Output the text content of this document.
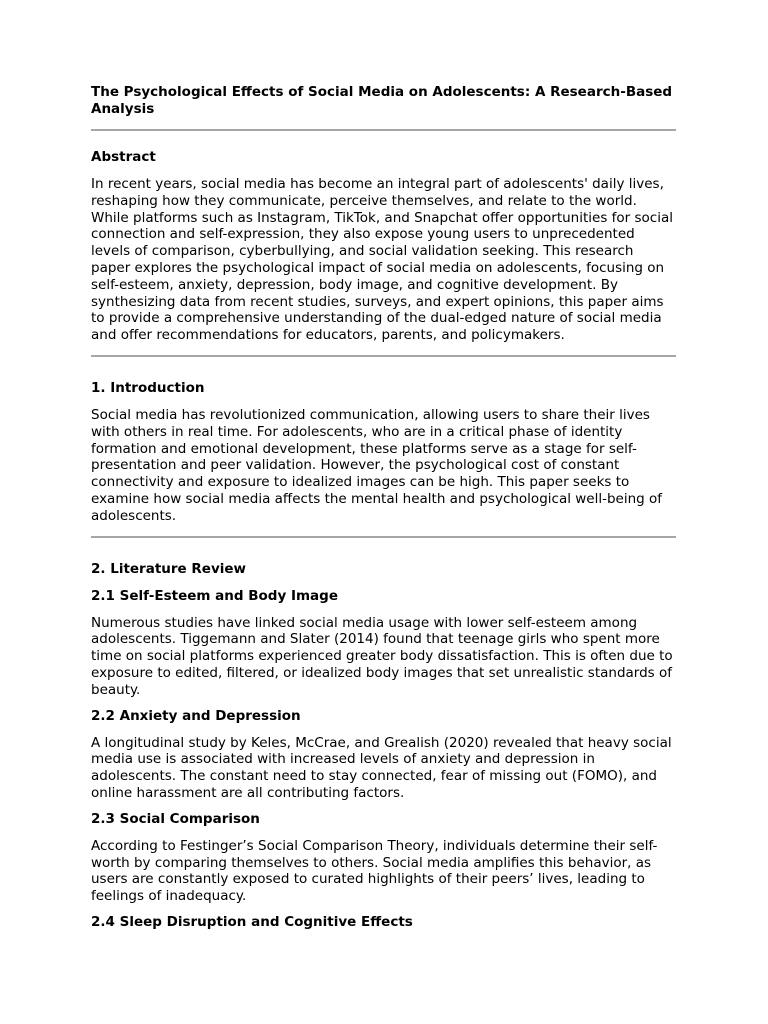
The Psychological Effects of Social Media on Adolescents: A Research-Based Analysis
Abstract

In recent years, social media has become an integral part of adolescents' daily lives, reshaping how they communicate, perceive themselves, and relate to the world. While platforms such as Instagram, TikTok, and Snapchat offer opportunities for social connection and self-expression, they also expose young users to unprecedented levels of comparison, cyberbullying, and social validation seeking. This research paper explores the psychological impact of social media on adolescents, focusing on self-esteem, anxiety, depression, body image, and cognitive development. By synthesizing data from recent studies, surveys, and expert opinions, this paper aims to provide a comprehensive understanding of the dual-edged nature of social media and offer recommendations for educators, parents, and policymakers.

1. Introduction

Social media has revolutionized communication, allowing users to share their lives with others in real time. For adolescents, who are in a critical phase of identity formation and emotional development, these platforms serve as a stage for self-presentation and peer validation. However, the psychological cost of constant connectivity and exposure to idealized images can be high. This paper seeks to examine how social media affects the mental health and psychological well-being of adolescents.

2. Literature Review
2.1 Self-Esteem and Body Image

Numerous studies have linked social media usage with lower self-esteem among adolescents. Tiggemann and Slater (2014) found that teenage girls who spent more time on social platforms experienced greater body dissatisfaction. This is often due to exposure to edited, filtered, or idealized body images that set unrealistic standards of beauty.

2.2 Anxiety and Depression

A longitudinal study by Keles, McCrae, and Grealish (2020) revealed that heavy social media use is associated with increased levels of anxiety and depression in adolescents. The constant need to stay connected, fear of missing out (FOMO), and online harassment are all contributing factors.

2.3 Social Comparison

According to Festinger’s Social Comparison Theory, individuals determine their self-worth by comparing themselves to others. Social media amplifies this behavior, as users are constantly exposed to curated highlights of their peers’ lives, leading to feelings of inadequacy.

2.4 Sleep Disruption and Cognitive Effects
